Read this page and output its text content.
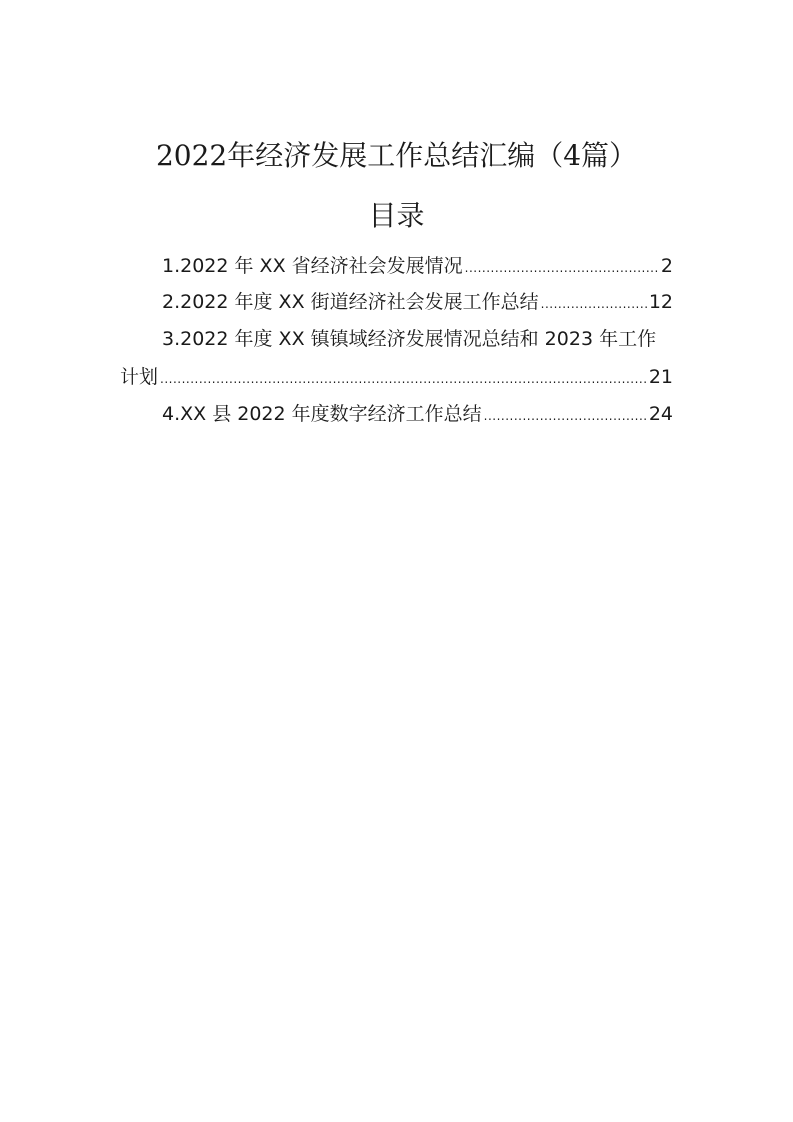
2022年经济发展工作总结汇编（4篇）
目录
1.2022 年 XX 省经济社会发展情况 .....	2
2.2022 年度 XX 街道经济社会发展工作总结 .....	12
3.2022 年度 XX 镇镇域经济发展情况总结和 2023 年工作
计划 .....	21
4.XX 县 2022 年度数字经济工作总结 .....	24
